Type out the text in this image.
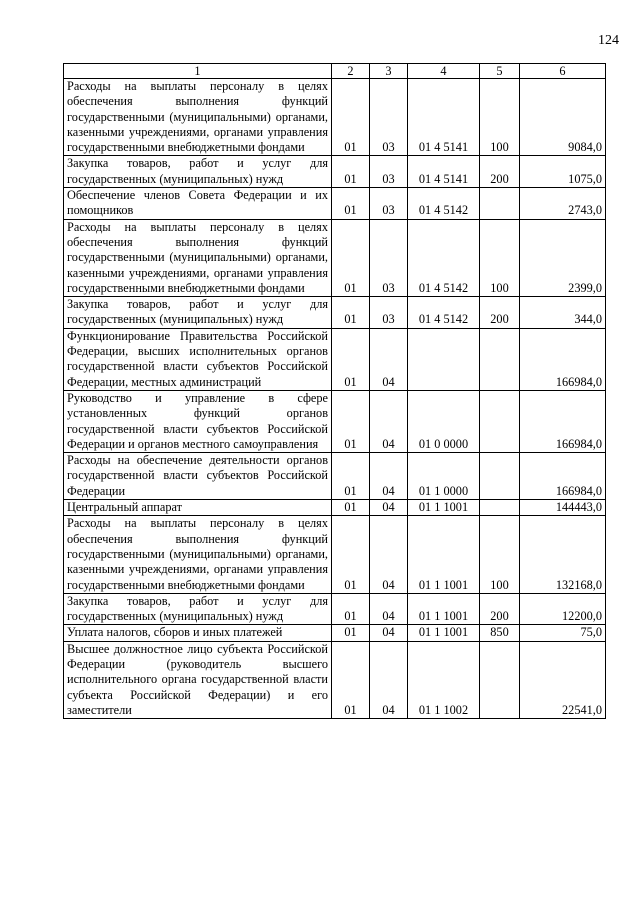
124
1	2	3	4	5	6
Расходы на выплаты персоналу в целях обеспечения выполнения функций государственными (муниципальными) органами, казенными учреждениями, органами управления государственными внебюджетными фондами	01	03	01 4 5141	100	9084,0
Закупка товаров, работ и услуг для государственных (муниципальных) нужд	01	03	01 4 5141	200	1075,0
Обеспечение членов Совета Федерации и их помощников	01	03	01 4 5142		2743,0
Расходы на выплаты персоналу в целях обеспечения выполнения функций государственными (муниципальными) органами, казенными учреждениями, органами управления государственными внебюджетными фондами	01	03	01 4 5142	100	2399,0
Закупка товаров, работ и услуг для государственных (муниципальных) нужд	01	03	01 4 5142	200	344,0
Функционирование Правительства Российской Федерации, высших исполнительных органов государственной власти субъектов Российской Федерации, местных администраций	01	04			166984,0
Руководство и управление в сфере установленных функций органов государственной власти субъектов Российской Федерации и органов местного самоуправления	01	04	01 0 0000		166984,0
Расходы на обеспечение деятельности органов государственной власти субъектов Российской Федерации	01	04	01 1 0000		166984,0
Центральный аппарат	01	04	01 1 1001		144443,0
Расходы на выплаты персоналу в целях обеспечения выполнения функций государственными (муниципальными) органами, казенными учреждениями, органами управления государственными внебюджетными фондами	01	04	01 1 1001	100	132168,0
Закупка товаров, работ и услуг для государственных (муниципальных) нужд	01	04	01 1 1001	200	12200,0
Уплата налогов, сборов и иных платежей	01	04	01 1 1001	850	75,0
Высшее должностное лицо субъекта Российской Федерации (руководитель высшего исполнительного органа государственной власти субъекта Российской Федерации) и его заместители	01	04	01 1 1002		22541,0
